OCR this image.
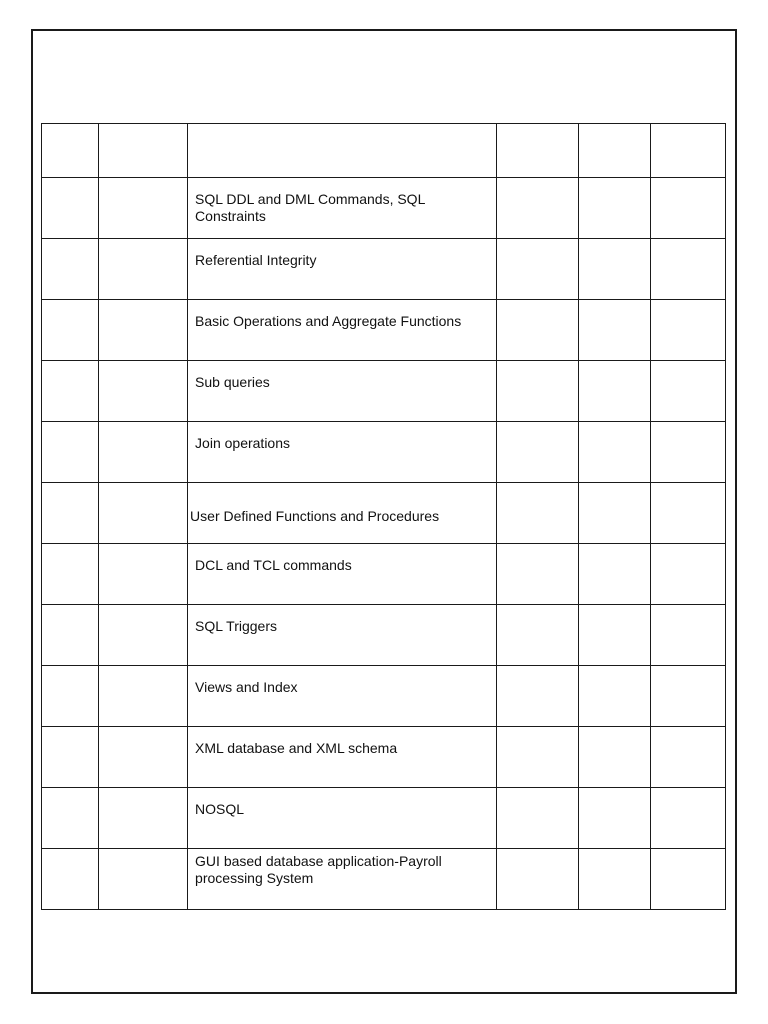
		SQL DDL and DML Commands, SQL Constraints			

		Referential Integrity			

		Basic Operations and Aggregate Functions			

		Sub queries			

		Join operations			

		User Defined Functions and Procedures			

		DCL and TCL commands			

		SQL Triggers			

		Views and Index			

		XML database and XML schema			

		NOSQL			

		GUI based database application-Payroll processing System			
